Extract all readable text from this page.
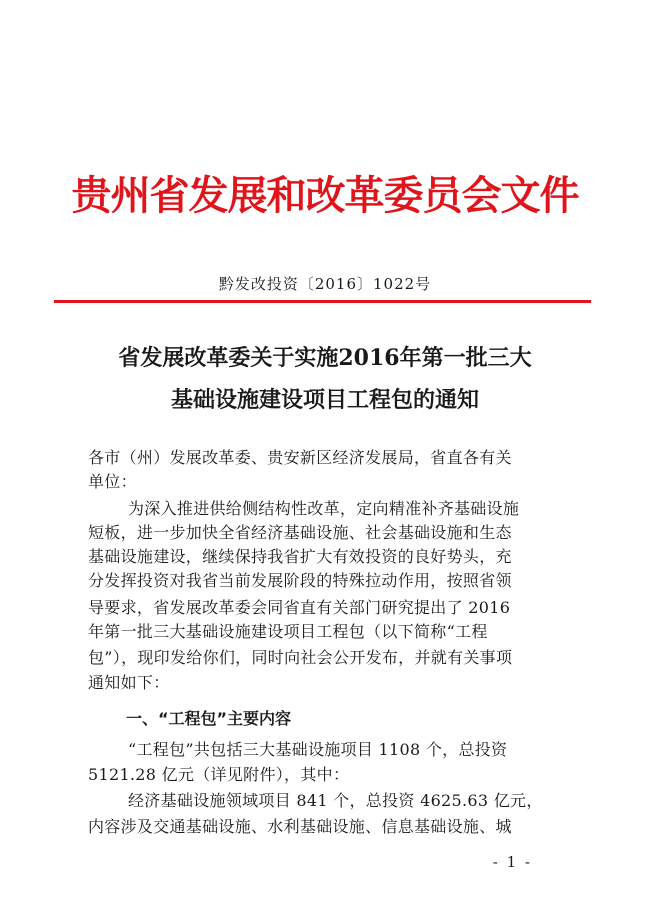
贵州省发展和改革委员会文件
黔发改投资〔2016〕1022号
省发展改革委关于实施2016年第一批三大
基础设施建设项目工程包的通知
各市（州）发展改革委、贵安新区经济发展局，省直各有关
单位：
为深入推进供给侧结构性改革，定向精准补齐基础设施
短板，进一步加快全省经济基础设施、社会基础设施和生态
基础设施建设，继续保持我省扩大有效投资的良好势头，充
分发挥投资对我省当前发展阶段的特殊拉动作用，按照省领
导要求，省发展改革委会同省直有关部门研究提出了 2016
年第一批三大基础设施建设项目工程包（以下简称“工程
包”），现印发给你们，同时向社会公开发布，并就有关事项
通知如下：
一、“工程包”主要内容
“工程包”共包括三大基础设施项目 1108 个，总投资
5121.28 亿元（详见附件），其中：
经济基础设施领域项目 841 个，总投资 4625.63 亿元，
内容涉及交通基础设施、水利基础设施、信息基础设施、城
- 1 -
